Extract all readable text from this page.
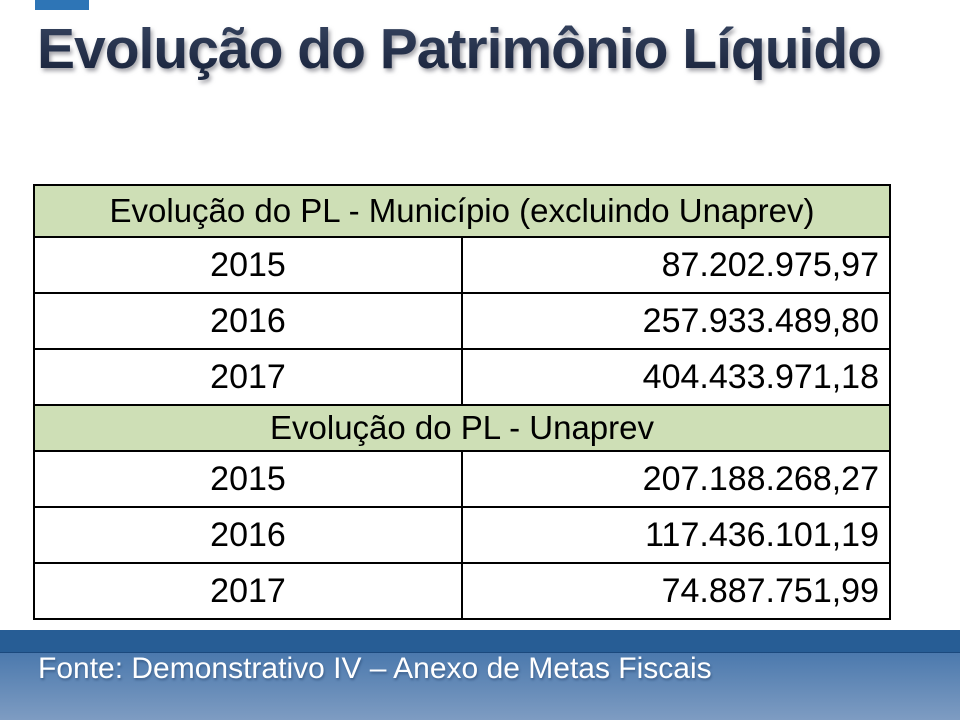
Evolução do Patrimônio Líquido
Evolução do PL - Município (excluindo Unaprev)	
2015	87.202.975,97
2016	257.933.489,80
2017	404.433.971,18
Evolução do PL - Unaprev	
2015	207.188.268,27
2016	117.436.101,19
2017	74.887.751,99
Fonte: Demonstrativo IV – Anexo de Metas Fiscais
